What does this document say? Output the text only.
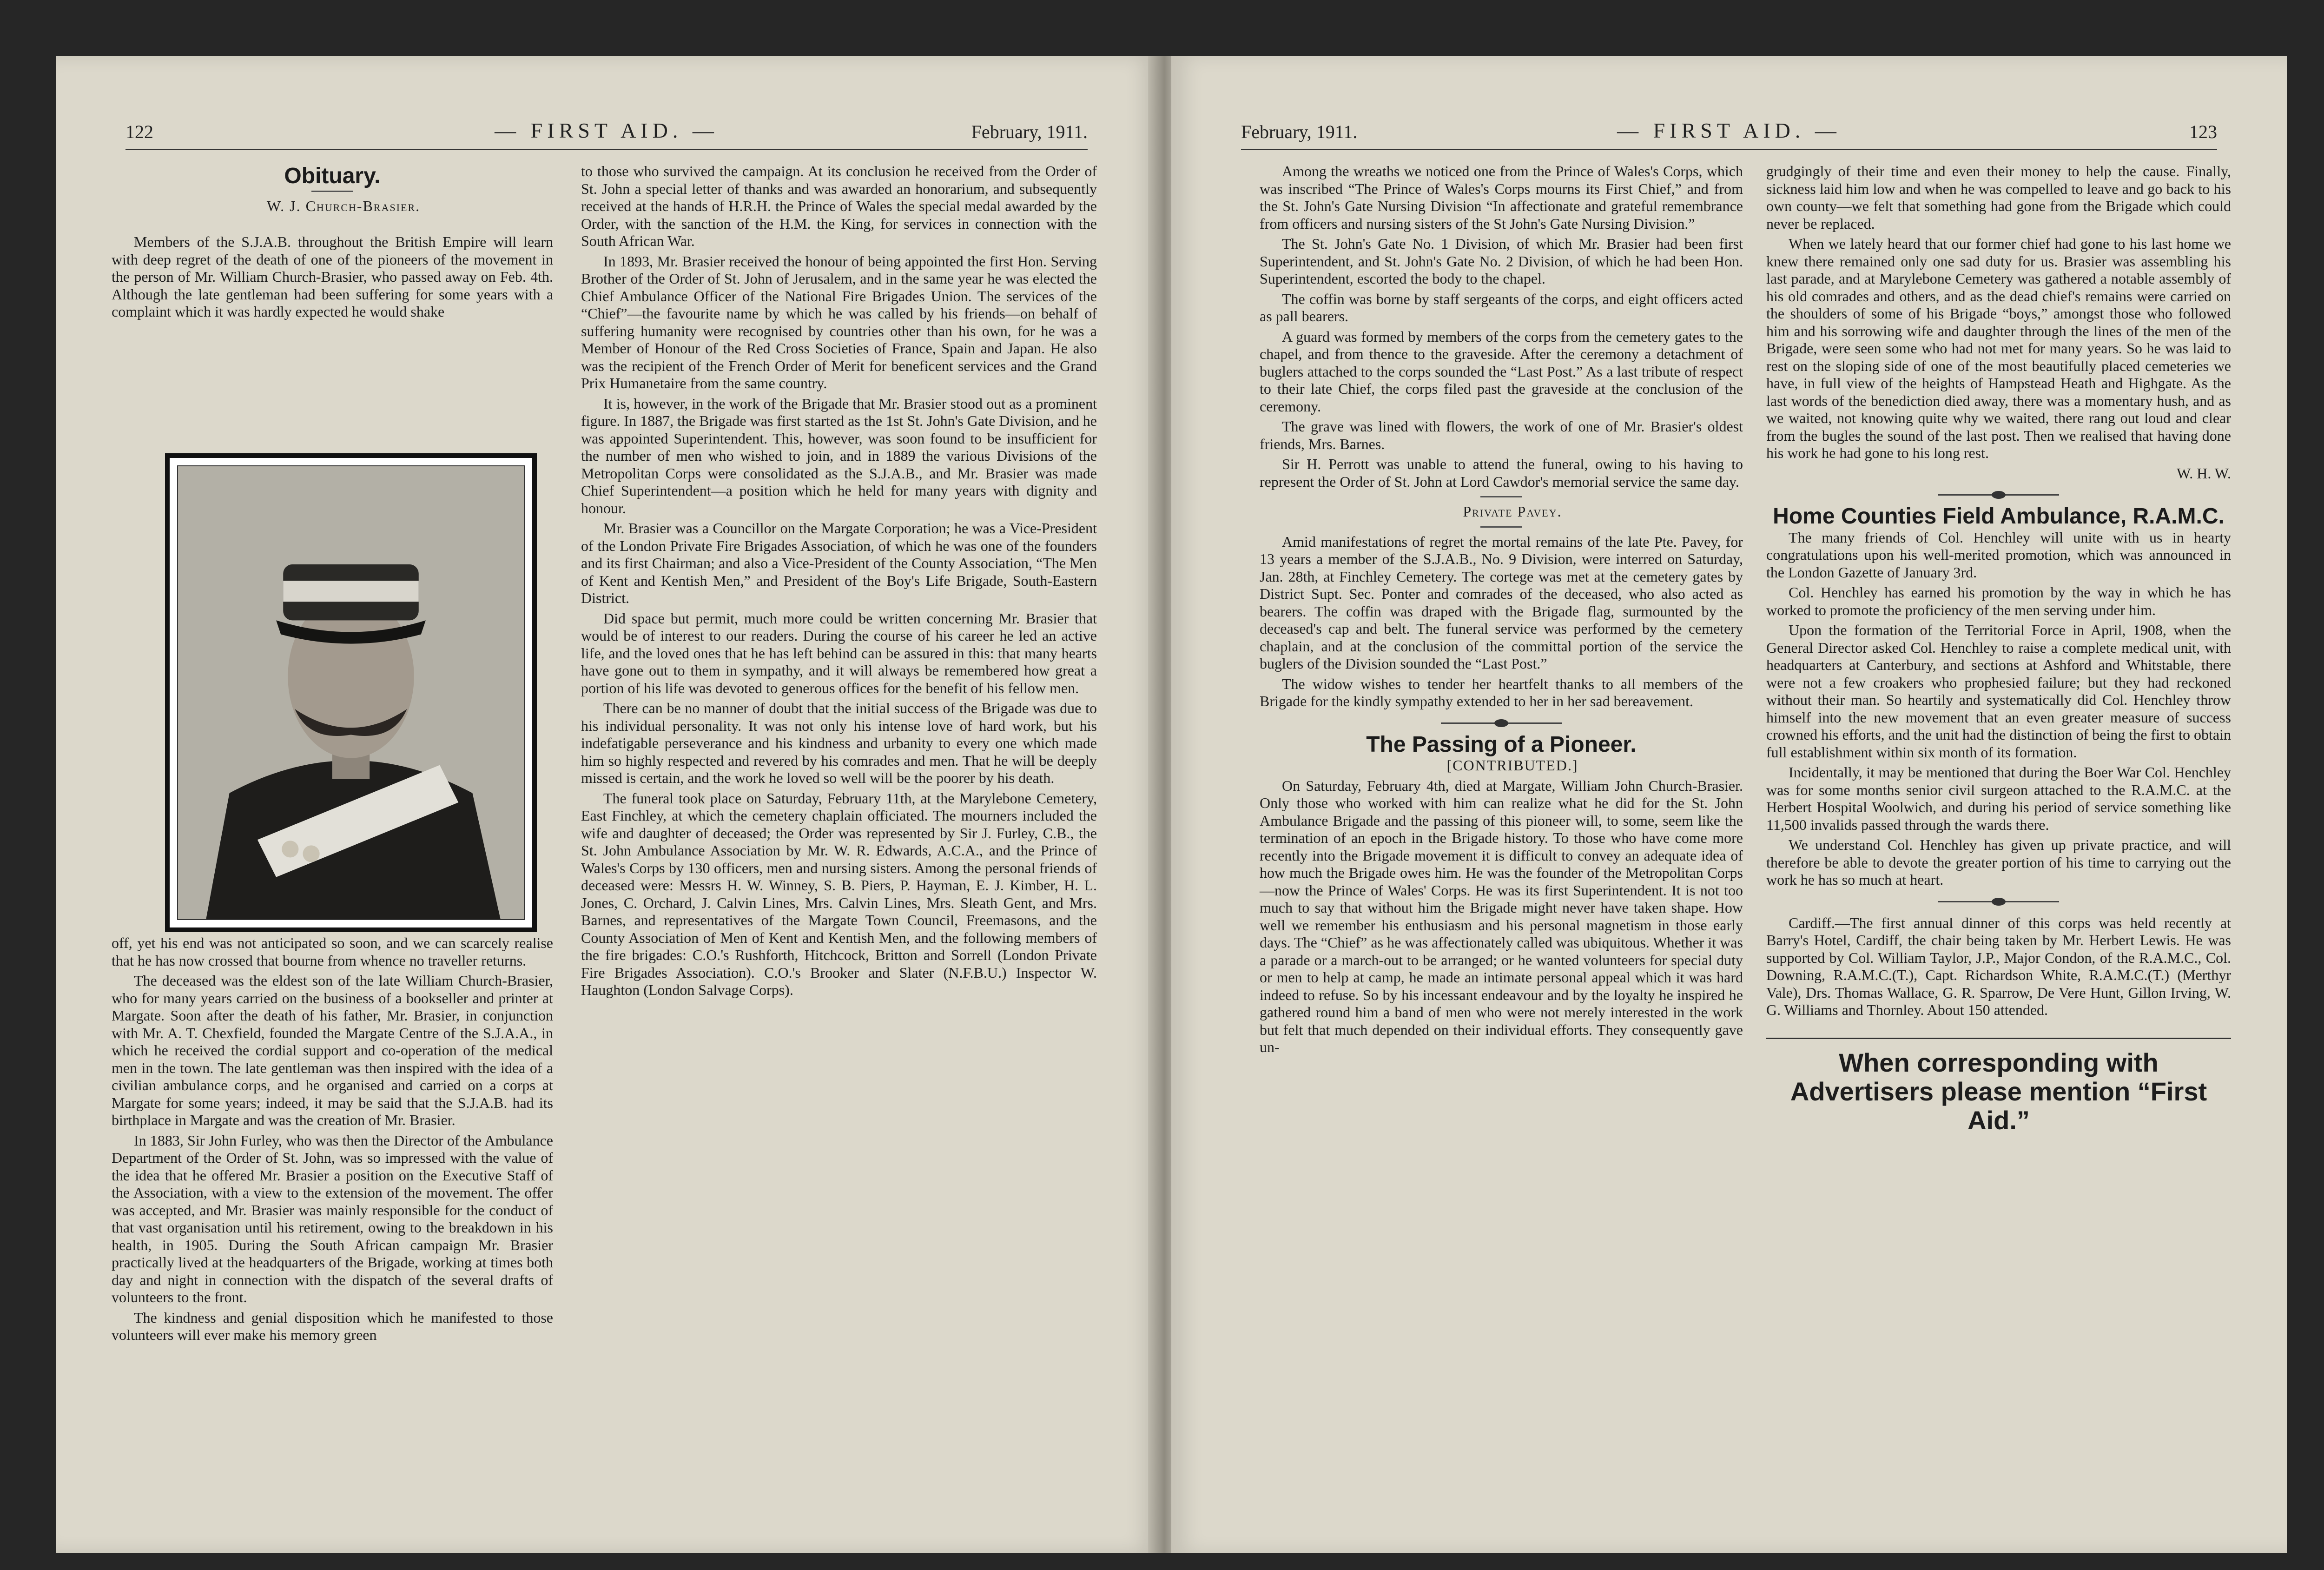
122	— FIRST AID. —	February, 1911.
Obituary.

W. J. Church-Brasier.

Members of the S.J.A.B. throughout the British Empire will learn with deep regret of the death of one of the pioneers of the movement in the person of Mr. William Church-Brasier, who passed away on Feb. 4th. Although the late gentleman had been suffering for some years with a complaint which it was hardly expected he would shake

off, yet his end was not anticipated so soon, and we can scarcely realise that he has now crossed that bourne from whence no traveller returns.

The deceased was the eldest son of the late William Church-Brasier, who for many years carried on the business of a bookseller and printer at Margate. Soon after the death of his father, Mr. Brasier, in conjunction with Mr. A. T. Chexfield, founded the Margate Centre of the S.J.A.A., in which he received the cordial support and co-operation of the medical men in the town. The late gentleman was then inspired with the idea of a civilian ambulance corps, and he organised and carried on a corps at Margate for some years; indeed, it may be said that the S.J.A.B. had its birthplace in Margate and was the creation of Mr. Brasier.

In 1883, Sir John Furley, who was then the Director of the Ambulance Department of the Order of St. John, was so impressed with the value of the idea that he offered Mr. Brasier a position on the Executive Staff of the Association, with a view to the extension of the movement. The offer was accepted, and Mr. Brasier was mainly responsible for the conduct of that vast organisation until his retirement, owing to the breakdown in his health, in 1905. During the South African campaign Mr. Brasier practically lived at the headquarters of the Brigade, working at times both day and night in connection with the dispatch of the several drafts of volunteers to the front.

The kindness and genial disposition which he manifested to those volunteers will ever make his memory green

to those who survived the campaign. At its conclusion he received from the Order of St. John a special letter of thanks and was awarded an honorarium, and subsequently received at the hands of H.R.H. the Prince of Wales the special medal awarded by the Order, with the sanction of the H.M. the King, for services in connection with the South African War.

In 1893, Mr. Brasier received the honour of being appointed the first Hon. Serving Brother of the Order of St. John of Jerusalem, and in the same year he was elected the Chief Ambulance Officer of the National Fire Brigades Union. The services of the “Chief”—the favourite name by which he was called by his friends—on behalf of suffering humanity were recognised by countries other than his own, for he was a Member of Honour of the Red Cross Societies of France, Spain and Japan. He also was the recipient of the French Order of Merit for beneficent services and the Grand Prix Humanetaire from the same country.

It is, however, in the work of the Brigade that Mr. Brasier stood out as a prominent figure. In 1887, the Brigade was first started as the 1st St. John's Gate Division, and he was appointed Superintendent. This, however, was soon found to be insufficient for the number of men who wished to join, and in 1889 the various Divisions of the Metropolitan Corps were consolidated as the S.J.A.B., and Mr. Brasier was made Chief Superintendent—a position which he held for many years with dignity and honour.

Mr. Brasier was a Councillor on the Margate Corporation; he was a Vice-President of the London Private Fire Brigades Association, of which he was one of the founders and its first Chairman; and also a Vice-President of the County Association, “The Men of Kent and Kentish Men,” and President of the Boy's Life Brigade, South-Eastern District.

Did space but permit, much more could be written concerning Mr. Brasier that would be of interest to our readers. During the course of his career he led an active life, and the loved ones that he has left behind can be assured in this: that many hearts have gone out to them in sympathy, and it will always be remembered how great a portion of his life was devoted to generous offices for the benefit of his fellow men.

There can be no manner of doubt that the initial success of the Brigade was due to his individual personality. It was not only his intense love of hard work, but his indefatigable perseverance and his kindness and urbanity to every one which made him so highly respected and revered by his comrades and men. That he will be deeply missed is certain, and the work he loved so well will be the poorer by his death.

The funeral took place on Saturday, February 11th, at the Marylebone Cemetery, East Finchley, at which the cemetery chaplain officiated. The mourners included the wife and daughter of deceased; the Order was represented by Sir J. Furley, C.B., the St. John Ambulance Association by Mr. W. R. Edwards, A.C.A., and the Prince of Wales's Corps by 130 officers, men and nursing sisters. Among the personal friends of deceased were: Messrs H. W. Winney, S. B. Piers, P. Hayman, E. J. Kimber, H. L. Jones, C. Orchard, J. Calvin Lines, Mrs. Calvin Lines, Mrs. Sleath Gent, and Mrs. Barnes, and representatives of the Margate Town Council, Freemasons, and the County Association of Men of Kent and Kentish Men, and the following members of the fire brigades: C.O.'s Rushforth, Hitchcock, Britton and Sorrell (London Private Fire Brigades Association). C.O.'s Brooker and Slater (N.F.B.U.) Inspector W. Haughton (London Salvage Corps).

February, 1911.	— FIRST AID. —	123

Among the wreaths we noticed one from the Prince of Wales's Corps, which was inscribed “The Prince of Wales's Corps mourns its First Chief,” and from the St. John's Gate Nursing Division “In affectionate and grateful remembrance from officers and nursing sisters of the St John's Gate Nursing Division.”

The St. John's Gate No. 1 Division, of which Mr. Brasier had been first Superintendent, and St. John's Gate No. 2 Division, of which he had been Hon. Superintendent, escorted the body to the chapel.

The coffin was borne by staff sergeants of the corps, and eight officers acted as pall bearers.

A guard was formed by members of the corps from the cemetery gates to the chapel, and from thence to the graveside. After the ceremony a detachment of buglers attached to the corps sounded the “Last Post.” As a last tribute of respect to their late Chief, the corps filed past the graveside at the conclusion of the ceremony.

The grave was lined with flowers, the work of one of Mr. Brasier's oldest friends, Mrs. Barnes.

Sir H. Perrott was unable to attend the funeral, owing to his having to represent the Order of St. John at Lord Cawdor's memorial service the same day.

Private Pavey.

Amid manifestations of regret the mortal remains of the late Pte. Pavey, for 13 years a member of the S.J.A.B., No. 9 Division, were interred on Saturday, Jan. 28th, at Finchley Cemetery. The cortege was met at the cemetery gates by District Supt. Sec. Ponter and comrades of the deceased, who also acted as bearers. The coffin was draped with the Brigade flag, surmounted by the deceased's cap and belt. The funeral service was performed by the cemetery chaplain, and at the conclusion of the committal portion of the service the buglers of the Division sounded the “Last Post.”

The widow wishes to tender her heartfelt thanks to all members of the Brigade for the kindly sympathy extended to her in her sad bereavement.

The Passing of a Pioneer.

[CONTRIBUTED.]

On Saturday, February 4th, died at Margate, William John Church-Brasier. Only those who worked with him can realize what he did for the St. John Ambulance Brigade and the passing of this pioneer will, to some, seem like the termination of an epoch in the Brigade history. To those who have come more recently into the Brigade movement it is difficult to convey an adequate idea of how much the Brigade owes him. He was the founder of the Metropolitan Corps—now the Prince of Wales' Corps. He was its first Superintendent. It is not too much to say that without him the Brigade might never have taken shape. How well we remember his enthusiasm and his personal magnetism in those early days. The “Chief” as he was affectionately called was ubiquitous. Whether it was a parade or a march-out to be arranged; or he wanted volunteers for special duty or men to help at camp, he made an intimate personal appeal which it was hard indeed to refuse. So by his incessant endeavour and by the loyalty he inspired he gathered round him a band of men who were not merely interested in the work but felt that much depended on their individual efforts. They consequently gave un-

grudgingly of their time and even their money to help the cause. Finally, sickness laid him low and when he was compelled to leave and go back to his own county—we felt that something had gone from the Brigade which could never be replaced.

When we lately heard that our former chief had gone to his last home we knew there remained only one sad duty for us. Brasier was assembling his last parade, and at Marylebone Cemetery was gathered a notable assembly of his old comrades and others, and as the dead chief's remains were carried on the shoulders of some of his Brigade “boys,” amongst those who followed him and his sorrowing wife and daughter through the lines of the men of the Brigade, were seen some who had not met for many years. So he was laid to rest on the sloping side of one of the most beautifully placed cemeteries we have, in full view of the heights of Hampstead Heath and Highgate. As the last words of the benediction died away, there was a momentary hush, and as we waited, not knowing quite why we waited, there rang out loud and clear from the bugles the sound of the last post. Then we realised that having done his work he had gone to his long rest.

W. H. W.

Home Counties Field Ambulance, R.A.M.C.

The many friends of Col. Henchley will unite with us in hearty congratulations upon his well-merited promotion, which was announced in the London Gazette of January 3rd.

Col. Henchley has earned his promotion by the way in which he has worked to promote the proficiency of the men serving under him.

Upon the formation of the Territorial Force in April, 1908, when the General Director asked Col. Henchley to raise a complete medical unit, with headquarters at Canterbury, and sections at Ashford and Whitstable, there were not a few croakers who prophesied failure; but they had reckoned without their man. So heartily and systematically did Col. Henchley throw himself into the new movement that an even greater measure of success crowned his efforts, and the unit had the distinction of being the first to obtain full establishment within six month of its formation.

Incidentally, it may be mentioned that during the Boer War Col. Henchley was for some months senior civil surgeon attached to the R.A.M.C. at the Herbert Hospital Woolwich, and during his period of service something like 11,500 invalids passed through the wards there.

We understand Col. Henchley has given up private practice, and will therefore be able to devote the greater portion of his time to carrying out the work he has so much at heart.

Cardiff.—The first annual dinner of this corps was held recently at Barry's Hotel, Cardiff, the chair being taken by Mr. Herbert Lewis. He was supported by Col. William Taylor, J.P., Major Condon, of the R.A.M.C., Col. Downing, R.A.M.C.(T.), Capt. Richardson White, R.A.M.C.(T.) (Merthyr Vale), Drs. Thomas Wallace, G. R. Sparrow, De Vere Hunt, Gillon Irving, W. G. Williams and Thornley. About 150 attended.

When corresponding with Advertisers please mention “First Aid.”
